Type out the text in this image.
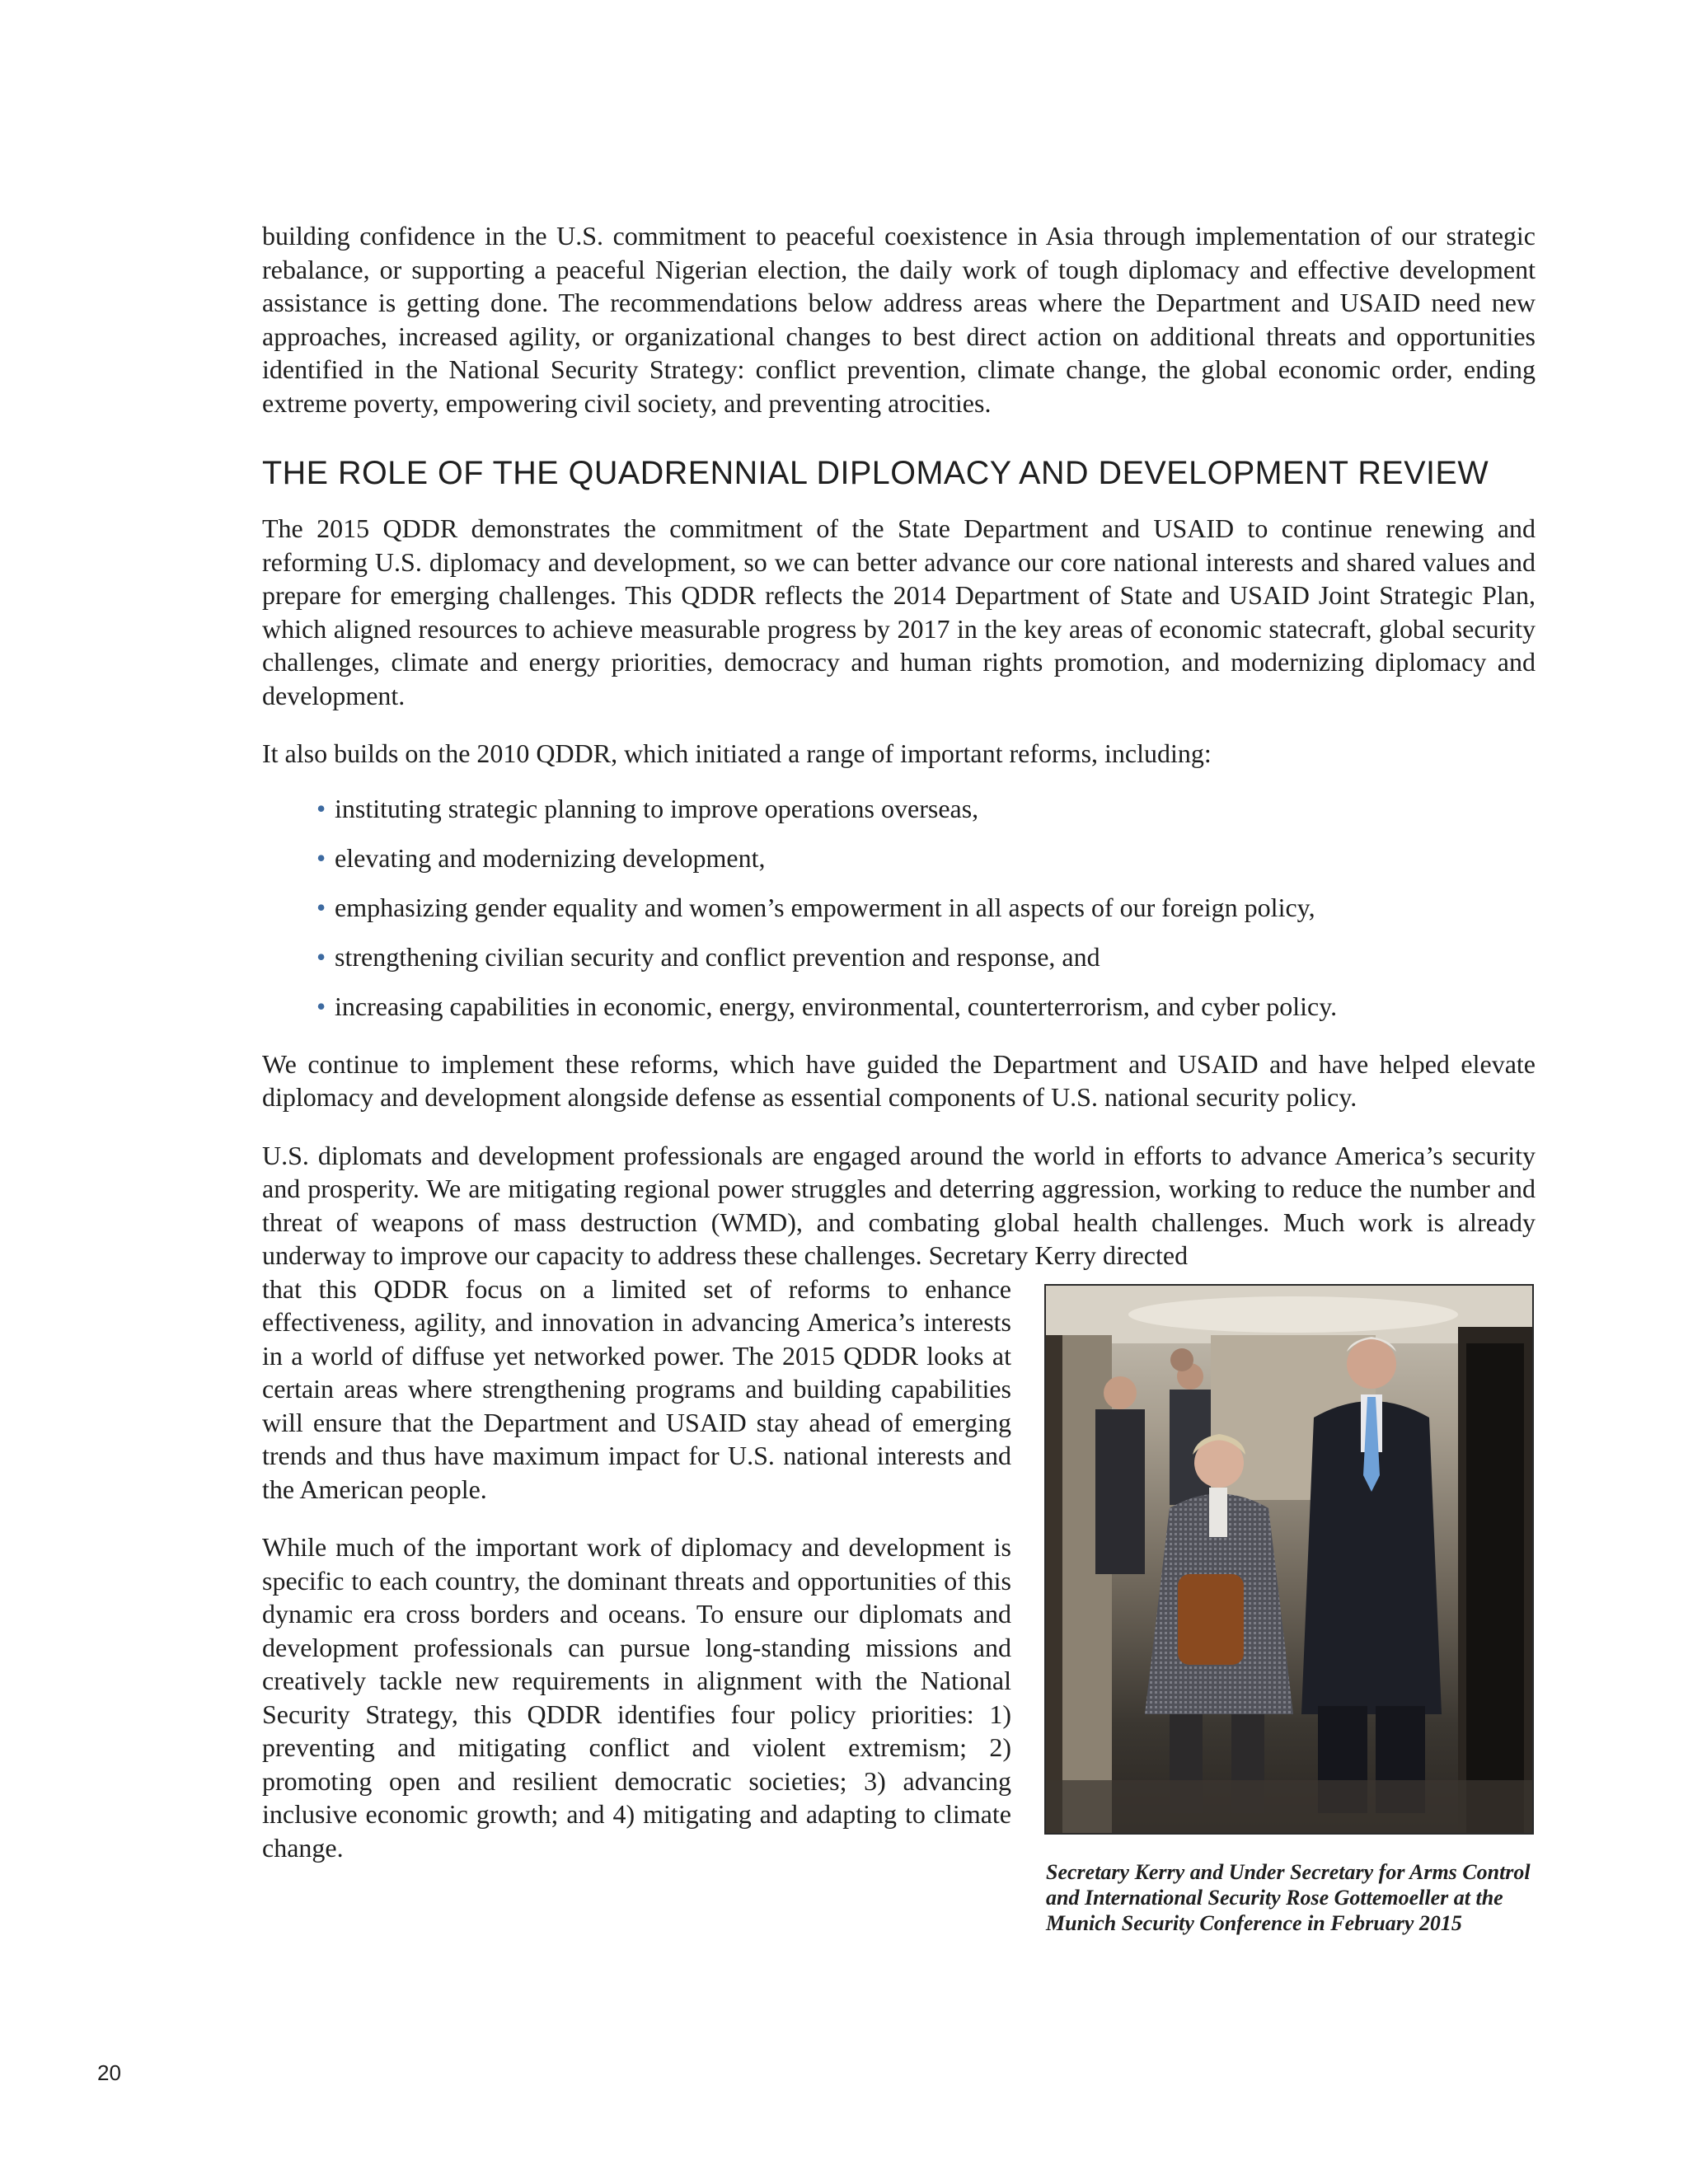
building confidence in the U.S. commitment to peaceful coexistence in Asia through implementation of our strategic rebalance, or supporting a peaceful Nigerian election, the daily work of tough diplomacy and effective development assistance is getting done. The recommendations below address areas where the Department and USAID need new approaches, increased agility, or organizational changes to best direct action on additional threats and opportunities identified in the National Security Strategy: conflict prevention, climate change, the global economic order, ending extreme poverty, empowering civil society, and preventing atrocities.

THE ROLE OF THE QUADRENNIAL DIPLOMACY AND DEVELOPMENT REVIEW

The 2015 QDDR demonstrates the commitment of the State Department and USAID to continue renewing and reforming U.S. diplomacy and development, so we can better advance our core national interests and shared values and prepare for emerging challenges. This QDDR reflects the 2014 Department of State and USAID Joint Strategic Plan, which aligned resources to achieve measurable progress by 2017 in the key areas of economic statecraft, global security challenges, climate and energy priorities, democracy and human rights promotion, and modernizing diplomacy and development.

It also builds on the 2010 QDDR, which initiated a range of important reforms, including:

• instituting strategic planning to improve operations overseas,
• elevating and modernizing development,
• emphasizing gender equality and women’s empowerment in all aspects of our foreign policy,
• strengthening civilian security and conflict prevention and response, and
• increasing capabilities in economic, energy, environmental, counterterrorism, and cyber policy.

We continue to implement these reforms, which have guided the Department and USAID and have helped elevate diplomacy and development alongside defense as essential components of U.S. national security policy.

U.S. diplomats and development professionals are engaged around the world in efforts to advance America’s security and prosperity. We are mitigating regional power struggles and deterring aggression, working to reduce the number and threat of weapons of mass destruction (WMD), and combating global health challenges. Much work is already underway to improve our capacity to address these challenges. Secretary Kerry directed

Secretary Kerry and Under Secretary for Arms Control and International Security Rose Gottemoeller at the Munich Security Conference in February 2015

that this QDDR focus on a limited set of reforms to enhance effectiveness, agility, and innovation in advancing America’s interests in a world of diffuse yet networked power. The 2015 QDDR looks at certain areas where strengthening programs and building capabilities will ensure that the Department and USAID stay ahead of emerging trends and thus have maximum impact for U.S. national interests and the American people.

While much of the important work of diplomacy and development is specific to each country, the dominant threats and opportunities of this dynamic era cross borders and oceans. To ensure our diplomats and development professionals can pursue long-standing missions and creatively tackle new requirements in alignment with the National Security Strategy, this QDDR identifies four policy priorities: 1) preventing and mitigating conflict and violent extremism; 2) promoting open and resilient democratic societies; 3) advancing inclusive economic growth; and 4) mitigating and adapting to climate change.

20
